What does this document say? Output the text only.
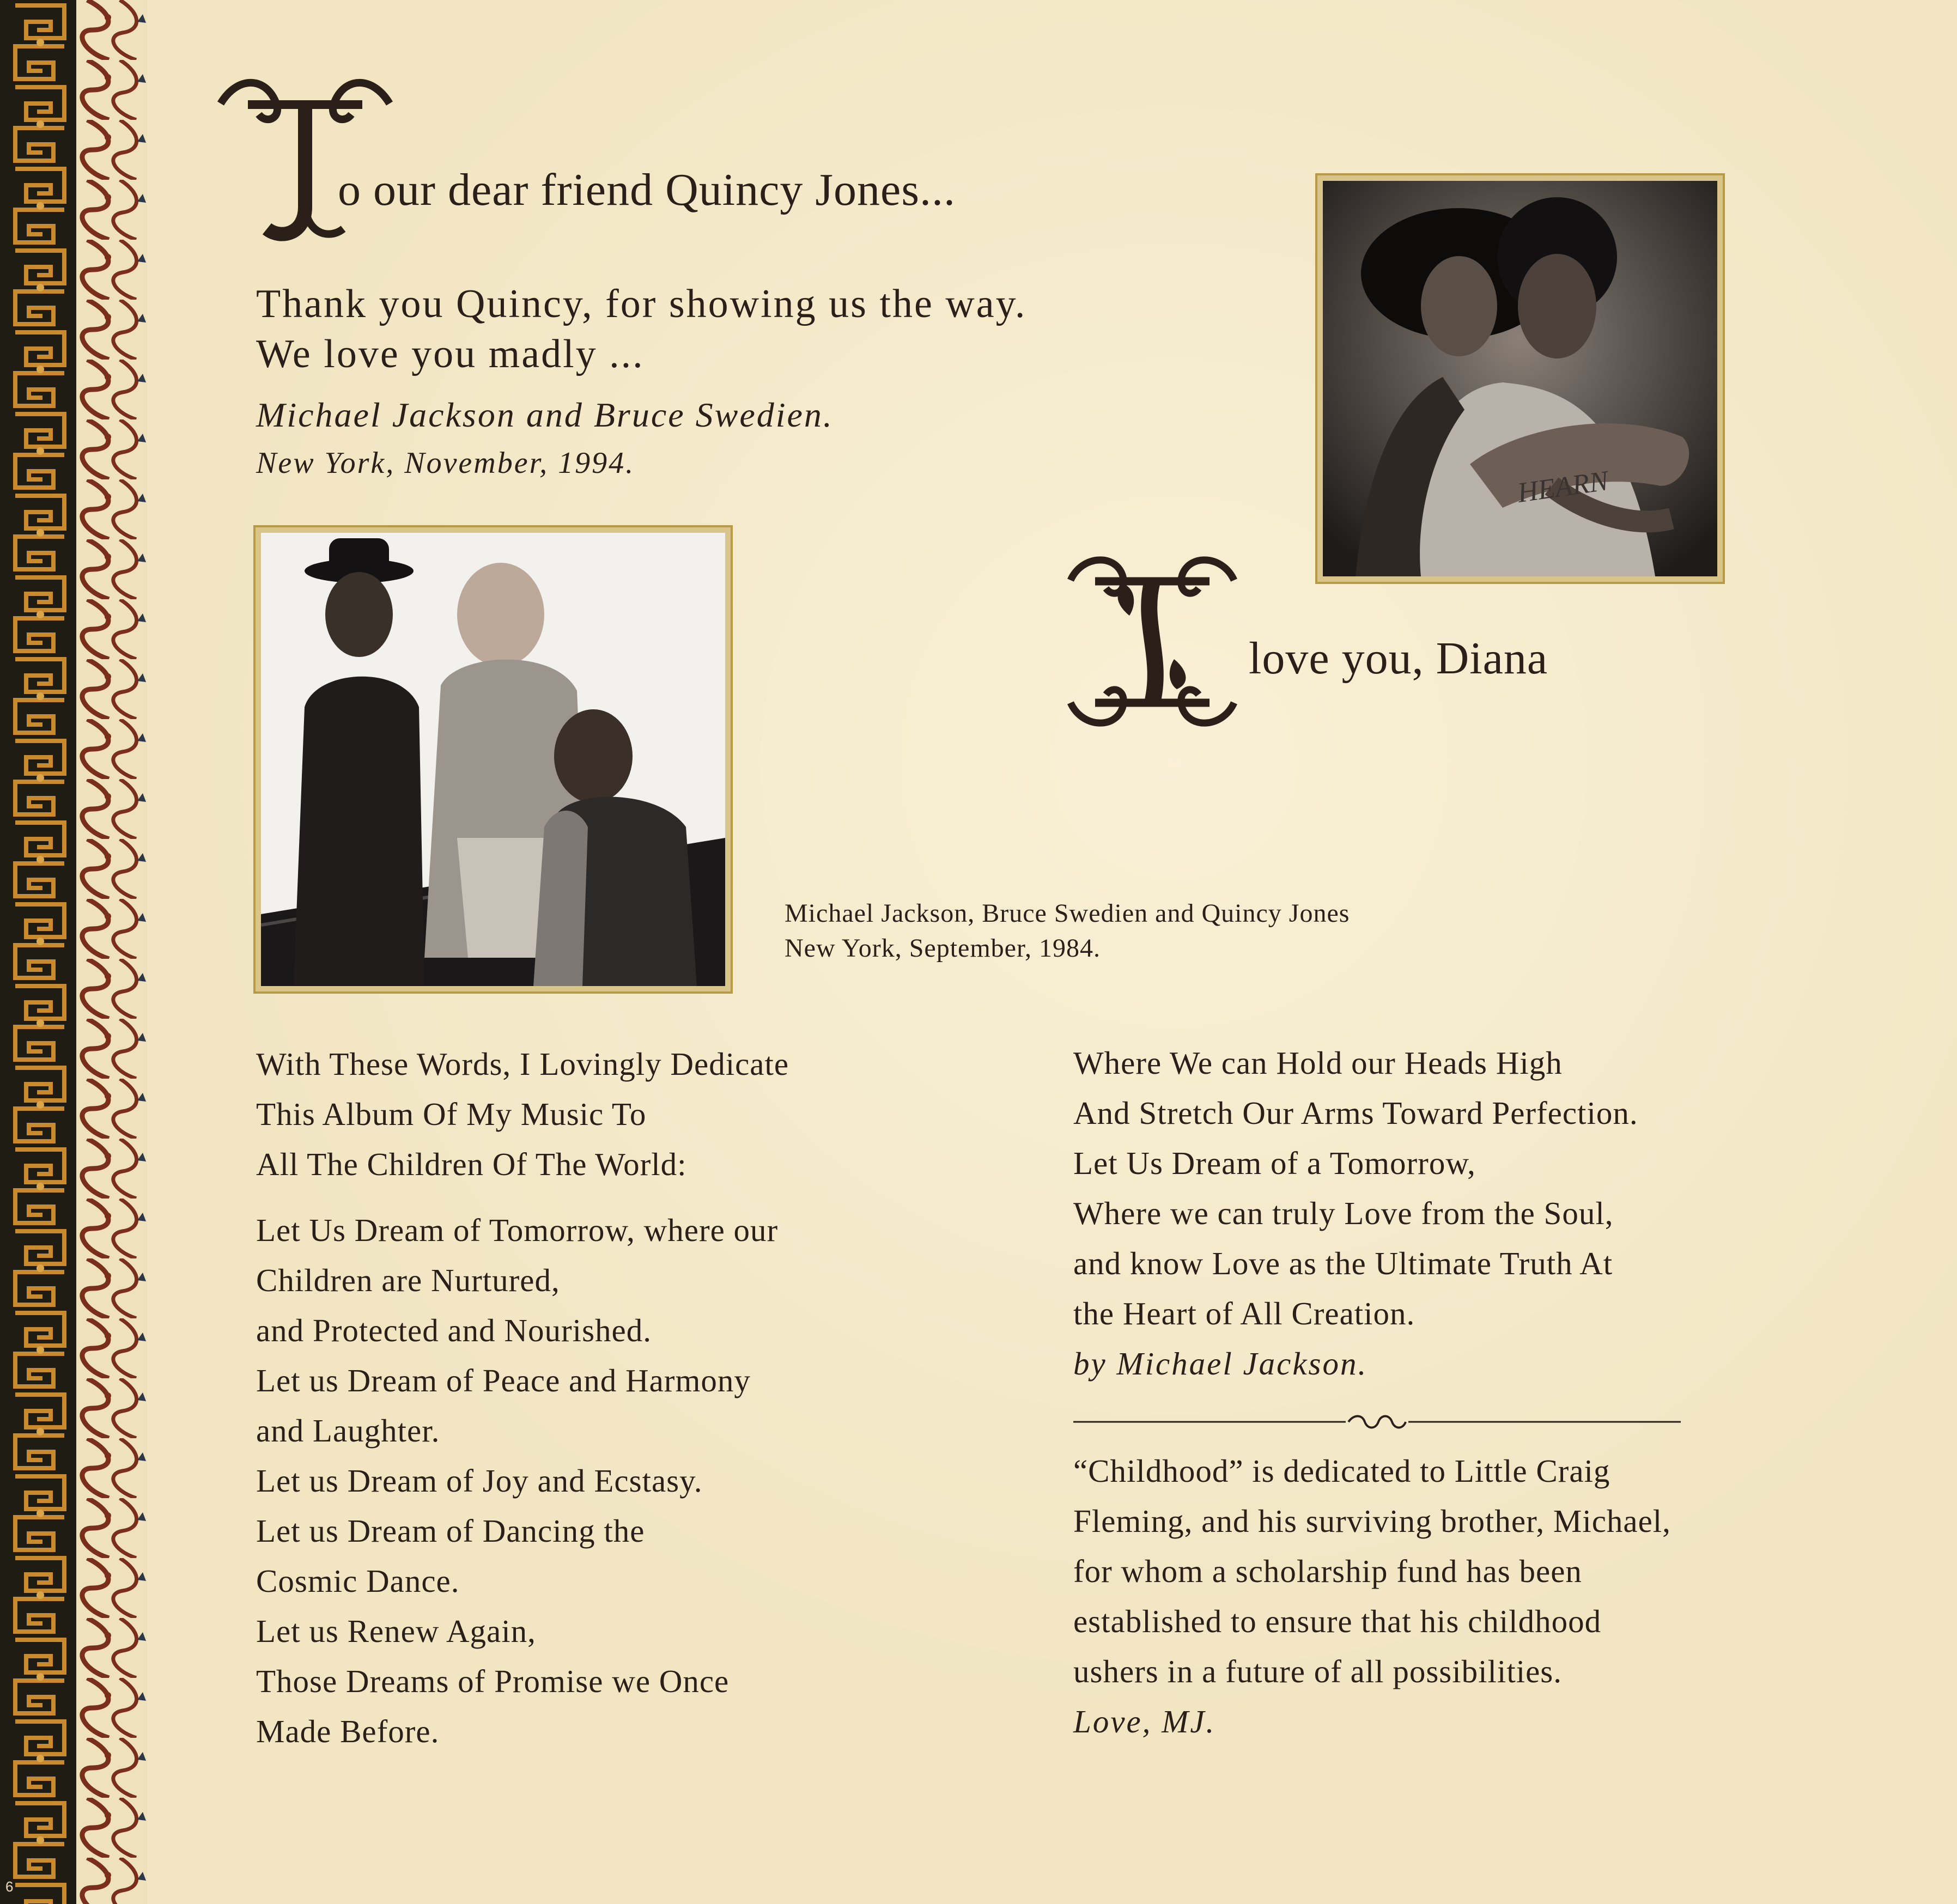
6
o our dear friend Quincy Jones...
Thank you Quincy, for showing us the way.
We love you madly ...
Michael Jackson and Bruce Swedien.
New York, November, 1994.
HEARN
love you, Diana
Michael Jackson, Bruce Swedien and Quincy Jones
New York, September, 1984.
With These Words, I Lovingly Dedicate
This Album Of My Music To
All The Children Of The World:
Let Us Dream of Tomorrow, where our
Children are Nurtured,
and Protected and Nourished.
Let us Dream of Peace and Harmony
and Laughter.
Let us Dream of Joy and Ecstasy.
Let us Dream of Dancing the
Cosmic Dance.
Let us Renew Again,
Those Dreams of Promise we Once
Made Before.
Where We can Hold our Heads High
And Stretch Our Arms Toward Perfection.
Let Us Dream of a Tomorrow,
Where we can truly Love from the Soul,
and know Love as the Ultimate Truth At
the Heart of All Creation.
by Michael Jackson.
“Childhood” is dedicated to Little Craig
Fleming, and his surviving brother, Michael,
for whom a scholarship fund has been
established to ensure that his childhood
ushers in a future of all possibilities.
Love, MJ.
